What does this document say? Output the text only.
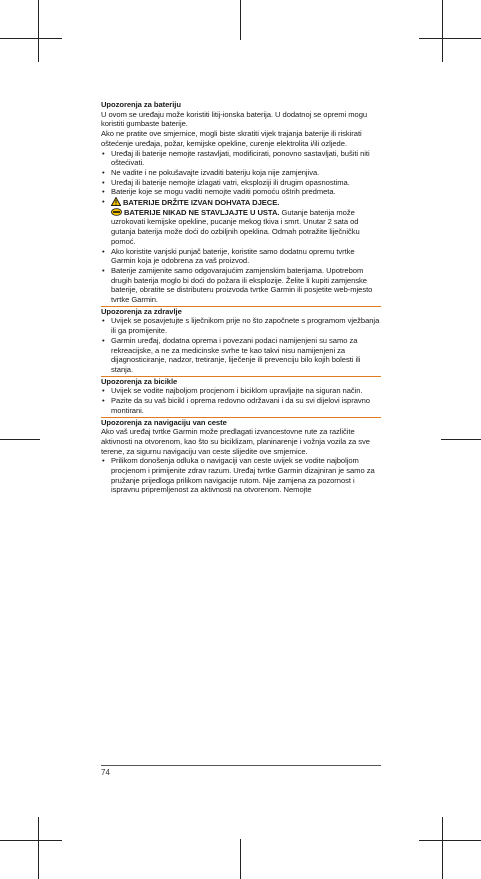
Upozorenja za bateriju

U ovom se uređaju može koristiti litij-ionska baterija. U dodatnoj se opremi mogu koristiti gumbaste baterije.

Ako ne pratite ove smjernice, mogli biste skratiti vijek trajanja baterije ili riskirati oštećenje uređaja, požar, kemijske opekline, curenje elektrolita i/ili ozljede.

• Uređaj ili baterije nemojte rastavljati, modificirati, ponovno sastavljati, bušiti niti oštećivati.
• Ne vadite i ne pokušavajte izvaditi bateriju koja nije zamjenjiva.
• Uređaj ili baterije nemojte izlagati vatri, eksploziji ili drugim opasnostima.
• Baterije koje se mogu vaditi nemojte vaditi pomoću oštrih predmeta.
• BATERIJE DRŽITE IZVAN DOHVATA DJECE.
BATERIJE NIKAD NE STAVLJAJTE U USTA. Gutanje baterija može uzrokovati kemijske opekline, pucanje mekog tkiva i smrt. Unutar 2 sata od gutanja baterija može doći do ozbiljnih opeklina. Odmah potražite liječničku pomoć.
• Ako koristite vanjski punjač baterije, koristite samo dodatnu opremu tvrtke Garmin koja je odobrena za vaš proizvod.
• Baterije zamijenite samo odgovarajućim zamjenskim baterijama. Upotrebom drugih baterija moglo bi doći do požara ili eksplozije. Želite li kupiti zamjenske baterije, obratite se distributeru proizvoda tvrtke Garmin ili posjetite web-mjesto tvrtke Garmin.

Upozorenja za zdravlje

• Uvijek se posavjetujte s liječnikom prije no što započnete s programom vježbanja ili ga promijenite.
• Garmin uređaj, dodatna oprema i povezani podaci namijenjeni su samo za rekreacijske, a ne za medicinske svrhe te kao takvi nisu namijenjeni za dijagnosticiranje, nadzor, tretiranje, liječenje ili prevenciju bilo kojih bolesti ili stanja.

Upozorenja za bicikle

• Uvijek se vodite najboljom procjenom i biciklom upravljajte na siguran način.
• Pazite da su vaš bicikl i oprema redovno održavani i da su svi dijelovi ispravno montirani.

Upozorenja za navigaciju van ceste

Ako vaš uređaj tvrtke Garmin može predlagati izvancestovne rute za različite aktivnosti na otvorenom, kao što su biciklizam, planinarenje i vožnja vozila za sve terene, za sigurnu navigaciju van ceste slijedite ove smjernice.

• Prilikom donošenja odluka o navigaciji van ceste uvijek se vodite najboljom procjenom i primijenite zdrav razum. Uređaj tvrtke Garmin dizajniran je samo za pružanje prijedloga prilikom navigacije rutom. Nije zamjena za pozornost i ispravnu pripremljenost za aktivnosti na otvorenom. Nemojte
74
